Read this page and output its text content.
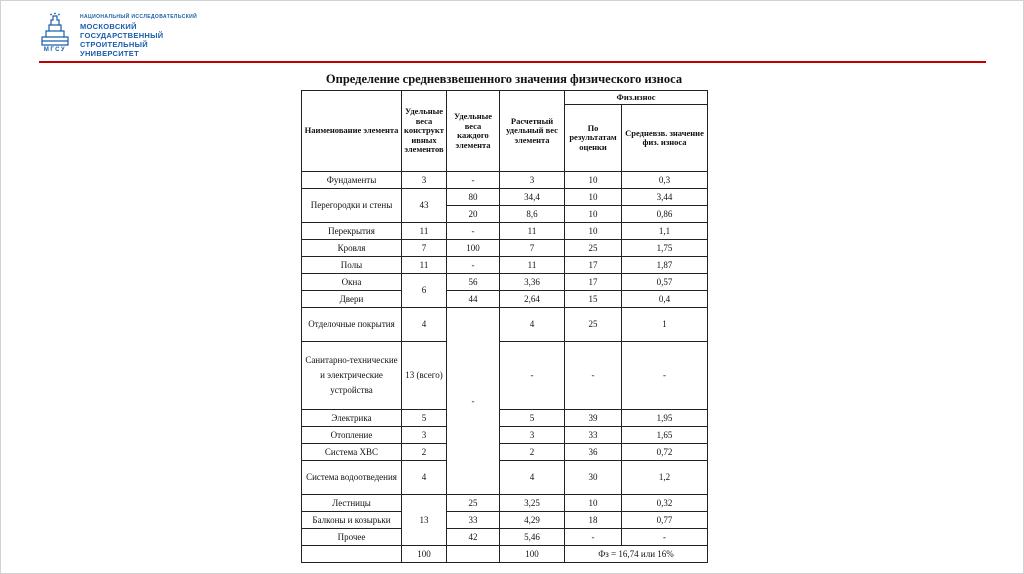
МГСУ
НАЦИОНАЛЬНЫЙ ИССЛЕДОВАТЕЛЬСКИЙ
МОСКОВСКИЙ
ГОСУДАРСТВЕННЫЙ
СТРОИТЕЛЬНЫЙ
УНИВЕРСИТЕТ
Определение средневзвешенного значения физического износа
Наименование элемента	Удельные веса конструктивных элементов	Удельные веса каждого элемента	Расчетный удельный вес элемента	Физ.износ	
				По результатам оценки	Средневзв. значение физ. износа
Фундаменты	3	-	3	10	0,3
Перегородки и стены	43	80	34,4	10	3,44
		20	8,6	10	0,86
Перекрытия	11	-	11	10	1,1
Кровля	7	100	7	25	1,75
Полы	11	-	11	17	1,87
Окна	6	56	3,36	17	0,57
Двери		44	2,64	15	0,4
Отделочные покрытия	4	-	4	25	1
Санитарно-технические и электрические устройства	13 (всего)		-	-	-
Электрика	5		5	39	1,95
Отопление	3		3	33	1,65
Система ХВС	2		2	36	0,72
Система водоотведения	4		4	30	1,2
Лестницы	13	25	3,25	10	0,32
Балконы и козырьки		33	4,29	18	0,77
Прочее		42	5,46	-	-
	100		100	Фз = 16,74 или 16%	
